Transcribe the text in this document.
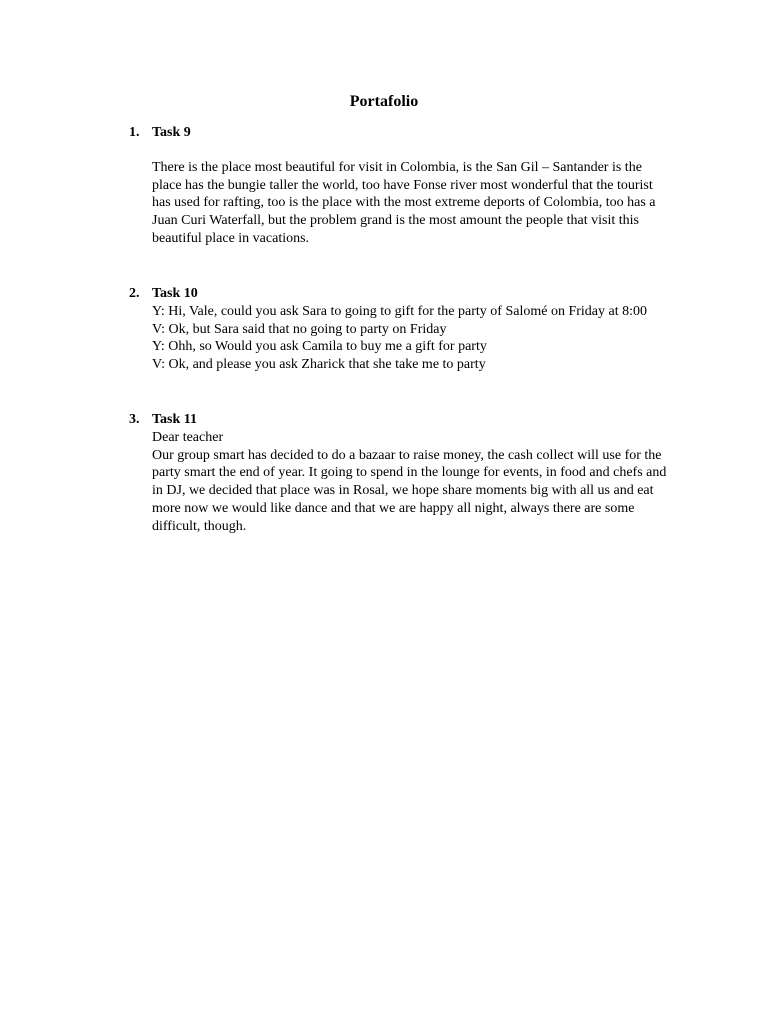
Portafolio
1. Task 9

There is the place most beautiful for visit in Colombia, is the San Gil – Santander is the place has the bungie taller the world, too have Fonse river most wonderful that the tourist has used for rafting, too is the place with the most extreme deports of Colombia, too has a Juan Curi Waterfall, but the problem grand is the most amount the people that visit this beautiful place in vacations.

2. Task 10
Y: Hi, Vale, could you ask Sara to going to gift for the party of Salomé on Friday at 8:00
V: Ok, but Sara said that no going to party on Friday
Y: Ohh, so Would you ask Camila to buy me a gift for party
V: Ok, and please you ask Zharick that she take me to party
3. Task 11
Dear teacher

Our group smart has decided to do a bazaar to raise money, the cash collect will use for the party smart the end of year. It going to spend in the lounge for events, in food and chefs and in DJ, we decided that place was in Rosal, we hope share moments big with all us and eat more now we would like dance and that we are happy all night, always there are some difficult, though.
